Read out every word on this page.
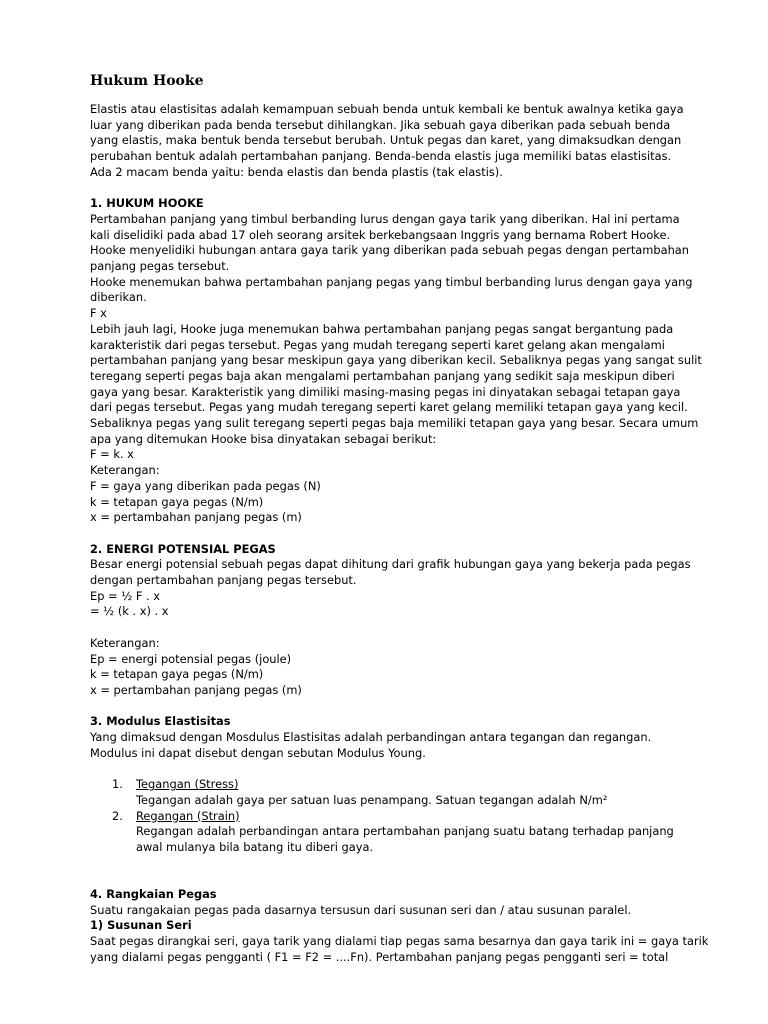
Hukum Hooke
Elastis atau elastisitas adalah kemampuan sebuah benda untuk kembali ke bentuk awalnya ketika gaya
luar yang diberikan pada benda tersebut dihilangkan. Jika sebuah gaya diberikan pada sebuah benda
yang elastis, maka bentuk benda tersebut berubah. Untuk pegas dan karet, yang dimaksudkan dengan
perubahan bentuk adalah pertambahan panjang. Benda-benda elastis juga memiliki batas elastisitas.
Ada 2 macam benda yaitu: benda elastis dan benda plastis (tak elastis).
1. HUKUM HOOKE
Pertambahan panjang yang timbul berbanding lurus dengan gaya tarik yang diberikan. Hal ini pertama
kali diselidiki pada abad 17 oleh seorang arsitek berkebangsaan Inggris yang bernama Robert Hooke.
Hooke menyelidiki hubungan antara gaya tarik yang diberikan pada sebuah pegas dengan pertambahan
panjang pegas tersebut.
Hooke menemukan bahwa pertambahan panjang pegas yang timbul berbanding lurus dengan gaya yang
diberikan.
F x
Lebih jauh lagi, Hooke juga menemukan bahwa pertambahan panjang pegas sangat bergantung pada
karakteristik dari pegas tersebut. Pegas yang mudah teregang seperti karet gelang akan mengalami
pertambahan panjang yang besar meskipun gaya yang diberikan kecil. Sebaliknya pegas yang sangat sulit
teregang seperti pegas baja akan mengalami pertambahan panjang yang sedikit saja meskipun diberi
gaya yang besar. Karakteristik yang dimiliki masing-masing pegas ini dinyatakan sebagai tetapan gaya
dari pegas tersebut. Pegas yang mudah teregang seperti karet gelang memiliki tetapan gaya yang kecil.
Sebaliknya pegas yang sulit teregang seperti pegas baja memiliki tetapan gaya yang besar. Secara umum
apa yang ditemukan Hooke bisa dinyatakan sebagai berikut:
F = k. x
Keterangan:
F = gaya yang diberikan pada pegas (N)
k = tetapan gaya pegas (N/m)
x = pertambahan panjang pegas (m)
2. ENERGI POTENSIAL PEGAS
Besar energi potensial sebuah pegas dapat dihitung dari grafik hubungan gaya yang bekerja pada pegas
dengan pertambahan panjang pegas tersebut.
Ep = ½ F . x
= ½ (k . x) . x
Keterangan:
Ep = energi potensial pegas (joule)
k = tetapan gaya pegas (N/m)
x = pertambahan panjang pegas (m)
3. Modulus Elastisitas
Yang dimaksud dengan Mosdulus Elastisitas adalah perbandingan antara tegangan dan regangan.
Modulus ini dapat disebut dengan sebutan Modulus Young.
1. Tegangan (Stress)
Tegangan adalah gaya per satuan luas penampang. Satuan tegangan adalah N/m²
2. Regangan (Strain)
Regangan adalah perbandingan antara pertambahan panjang suatu batang terhadap panjang
awal mulanya bila batang itu diberi gaya.
4. Rangkaian Pegas
Suatu rangakaian pegas pada dasarnya tersusun dari susunan seri dan / atau susunan paralel.
1) Susunan Seri
Saat pegas dirangkai seri, gaya tarik yang dialami tiap pegas sama besarnya dan gaya tarik ini = gaya tarik
yang dialami pegas pengganti ( F1 = F2 = ....Fn). Pertambahan panjang pegas pengganti seri = total
